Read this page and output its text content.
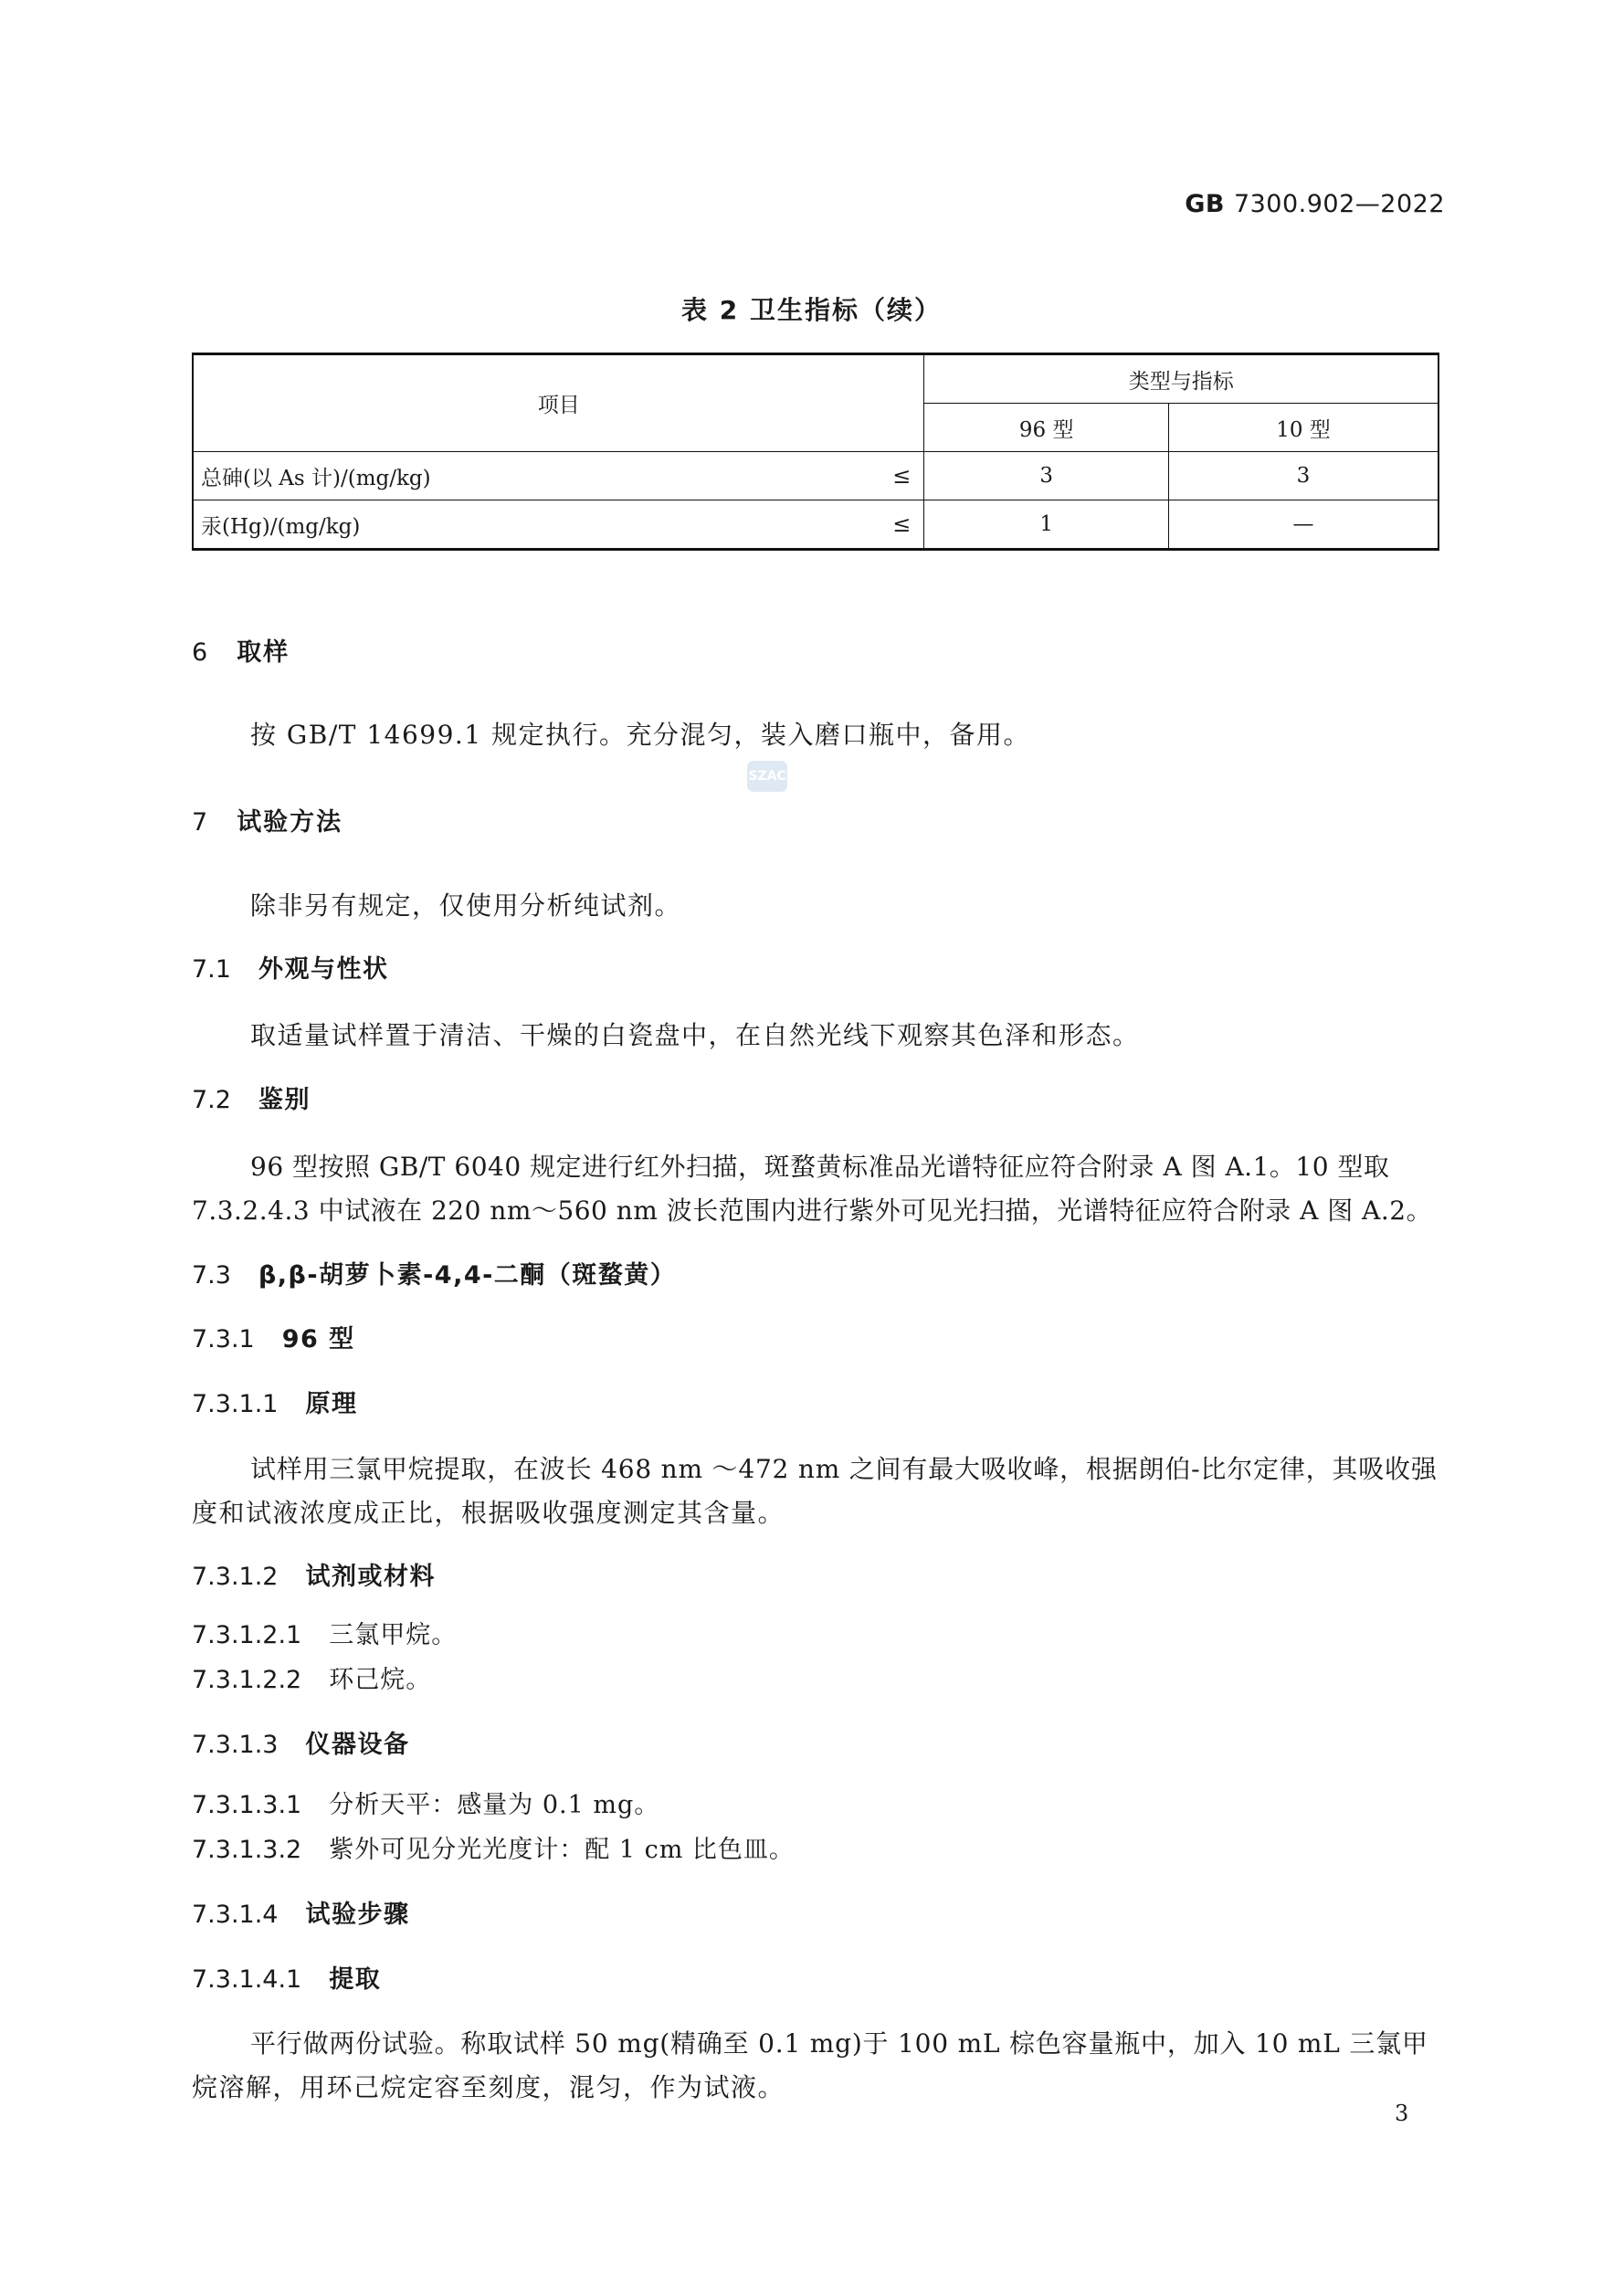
GB 7300.902—2022
表 2 卫生指标（续）
项目	类型与指标	
	96 型	10 型
总砷(以 As 计)/(mg/kg) ≤	3	3
汞(Hg)/(mg/kg) ≤	1	—
6 取样
按 GB/T 14699.1 规定执行。充分混匀，装入磨口瓶中，备用。
SZAC
7 试验方法
除非另有规定，仅使用分析纯试剂。
7.1 外观与性状
取适量试样置于清洁、干燥的白瓷盘中，在自然光线下观察其色泽和形态。
7.2 鉴别
96 型按照 GB/T 6040 规定进行红外扫描，斑蝥黄标准品光谱特征应符合附录 A 图 A.1。10 型取
7.3.2.4.3 中试液在 220 nm～560 nm 波长范围内进行紫外可见光扫描，光谱特征应符合附录 A 图 A.2。
7.3 β,β-胡萝卜素-4,4-二酮（斑蝥黄）
7.3.1 96 型
7.3.1.1 原理
试样用三氯甲烷提取，在波长 468 nm ～472 nm 之间有最大吸收峰，根据朗伯-比尔定律，其吸收强
度和试液浓度成正比，根据吸收强度测定其含量。
7.3.1.2 试剂或材料
7.3.1.2.1 三氯甲烷。
7.3.1.2.2 环己烷。
7.3.1.3 仪器设备
7.3.1.3.1 分析天平：感量为 0.1 mg。
7.3.1.3.2 紫外可见分光光度计：配 1 cm 比色皿。
7.3.1.4 试验步骤
7.3.1.4.1 提取
平行做两份试验。称取试样 50 mg(精确至 0.1 mg)于 100 mL 棕色容量瓶中，加入 10 mL 三氯甲
烷溶解，用环己烷定容至刻度，混匀，作为试液。
3
